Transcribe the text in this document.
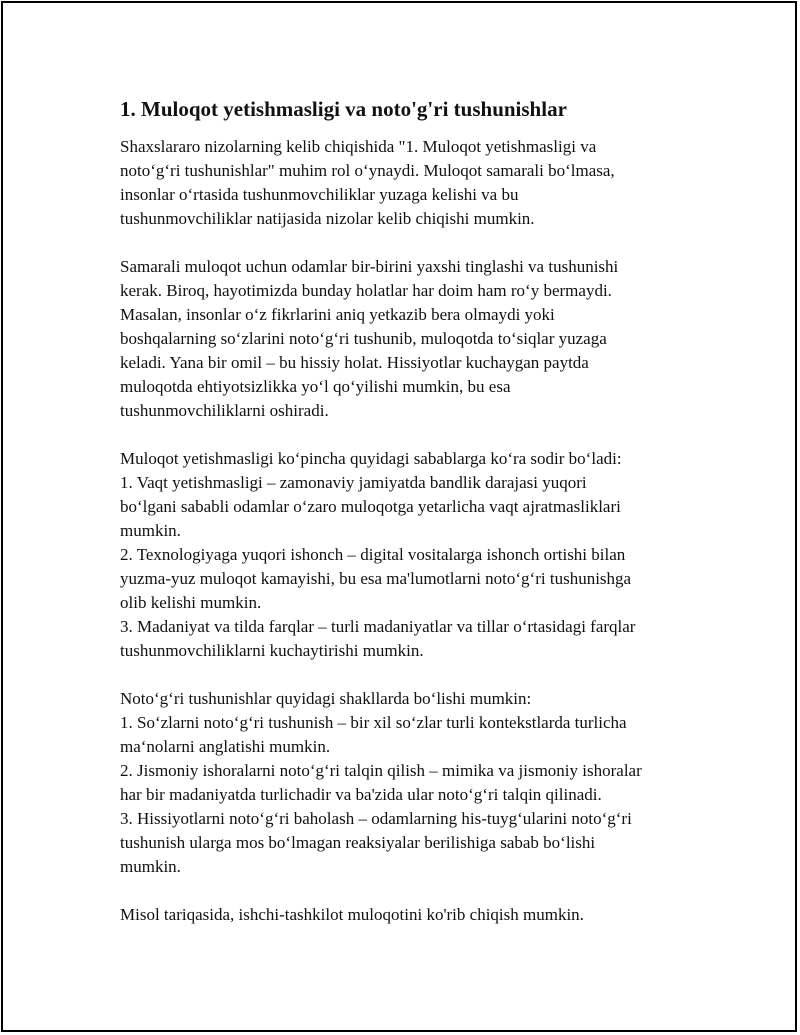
1. Muloqot yetishmasligi va noto'g'ri tushunishlar
Shaxslararo nizolarning kelib chiqishida "1. Muloqot yetishmasligi va
noto‘g‘ri tushunishlar" muhim rol o‘ynaydi. Muloqot samarali bo‘lmasa,
insonlar o‘rtasida tushunmovchiliklar yuzaga kelishi va bu
tushunmovchiliklar natijasida nizolar kelib chiqishi mumkin.
Samarali muloqot uchun odamlar bir-birini yaxshi tinglashi va tushunishi
kerak. Biroq, hayotimizda bunday holatlar har doim ham ro‘y bermaydi.
Masalan, insonlar o‘z fikrlarini aniq yetkazib bera olmaydi yoki
boshqalarning so‘zlarini noto‘g‘ri tushunib, muloqotda to‘siqlar yuzaga
keladi. Yana bir omil – bu hissiy holat. Hissiyotlar kuchaygan paytda
muloqotda ehtiyotsizlikka yo‘l qo‘yilishi mumkin, bu esa
tushunmovchiliklarni oshiradi.
Muloqot yetishmasligi ko‘pincha quyidagi sabablarga ko‘ra sodir bo‘ladi:
1. Vaqt yetishmasligi – zamonaviy jamiyatda bandlik darajasi yuqori
bo‘lgani sababli odamlar o‘zaro muloqotga yetarlicha vaqt ajratmasliklari
mumkin.
2. Texnologiyaga yuqori ishonch – digital vositalarga ishonch ortishi bilan
yuzma-yuz muloqot kamayishi, bu esa ma'lumotlarni noto‘g‘ri tushunishga
olib kelishi mumkin.
3. Madaniyat va tilda farqlar – turli madaniyatlar va tillar o‘rtasidagi farqlar
tushunmovchiliklarni kuchaytirishi mumkin.
Noto‘g‘ri tushunishlar quyidagi shakllarda bo‘lishi mumkin:
1. So‘zlarni noto‘g‘ri tushunish – bir xil so‘zlar turli kontekstlarda turlicha
ma‘nolarni anglatishi mumkin.
2. Jismoniy ishoralarni noto‘g‘ri talqin qilish – mimika va jismoniy ishoralar
har bir madaniyatda turlichadir va ba'zida ular noto‘g‘ri talqin qilinadi.
3. Hissiyotlarni noto‘g‘ri baholash – odamlarning his-tuyg‘ularini noto‘g‘ri
tushunish ularga mos bo‘lmagan reaksiyalar berilishiga sabab bo‘lishi
mumkin.
Misol tariqasida, ishchi-tashkilot muloqotini ko'rib chiqish mumkin.
